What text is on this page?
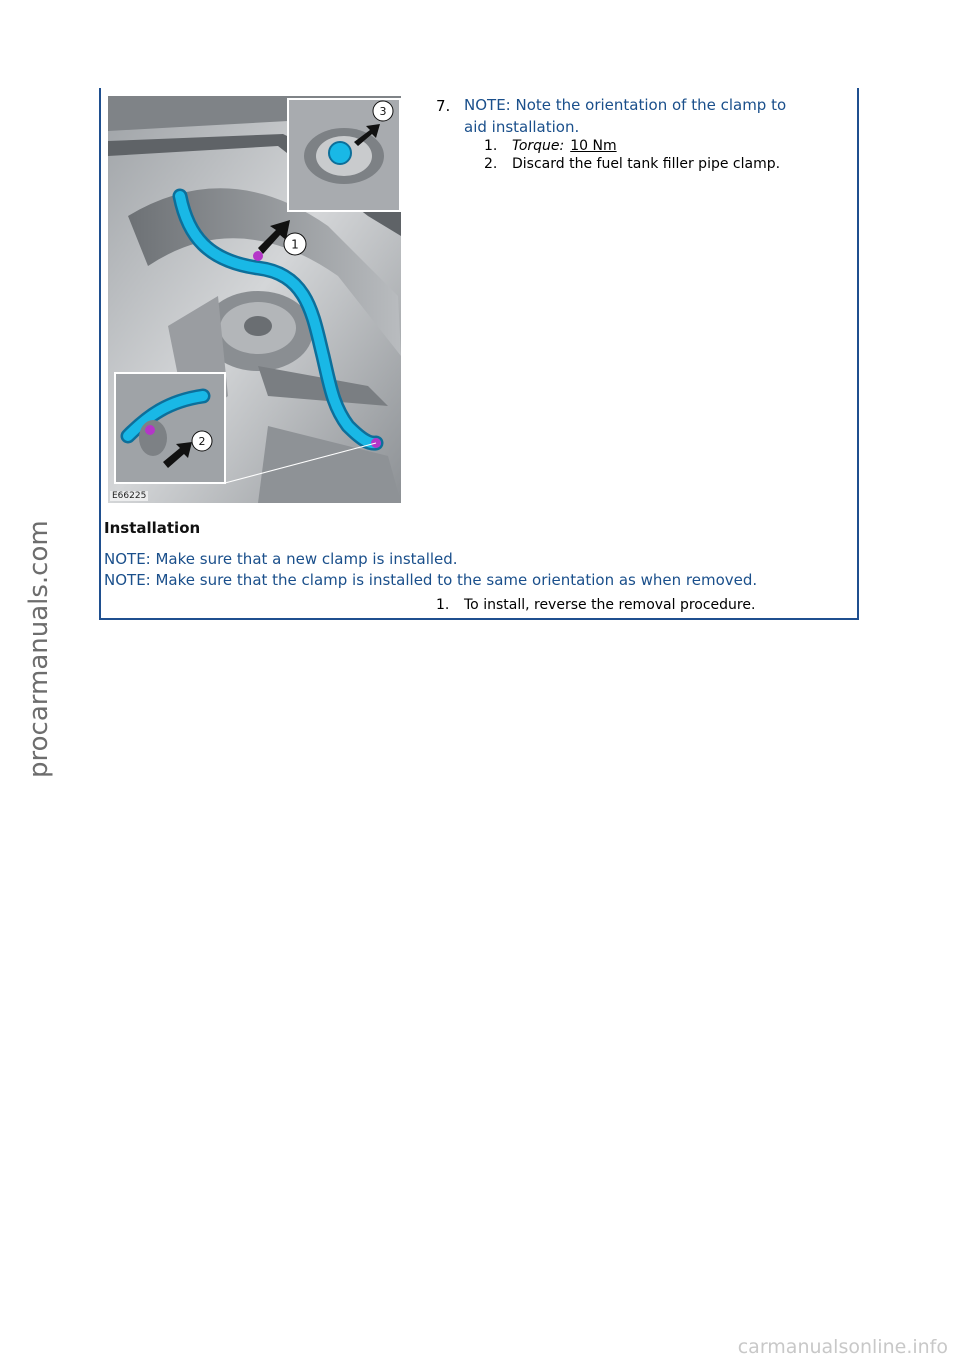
1
3
2
E66225
7. NOTE: Note the orientation of the clamp to
aid installation.
1. Torque: 10 Nm
2. Discard the fuel tank filler pipe clamp.
Installation
NOTE: Make sure that a new clamp is installed.
NOTE: Make sure that the clamp is installed to the same orientation as when removed.
1. To install, reverse the removal procedure.
procarmanuals.com
carmanualsonline.info
